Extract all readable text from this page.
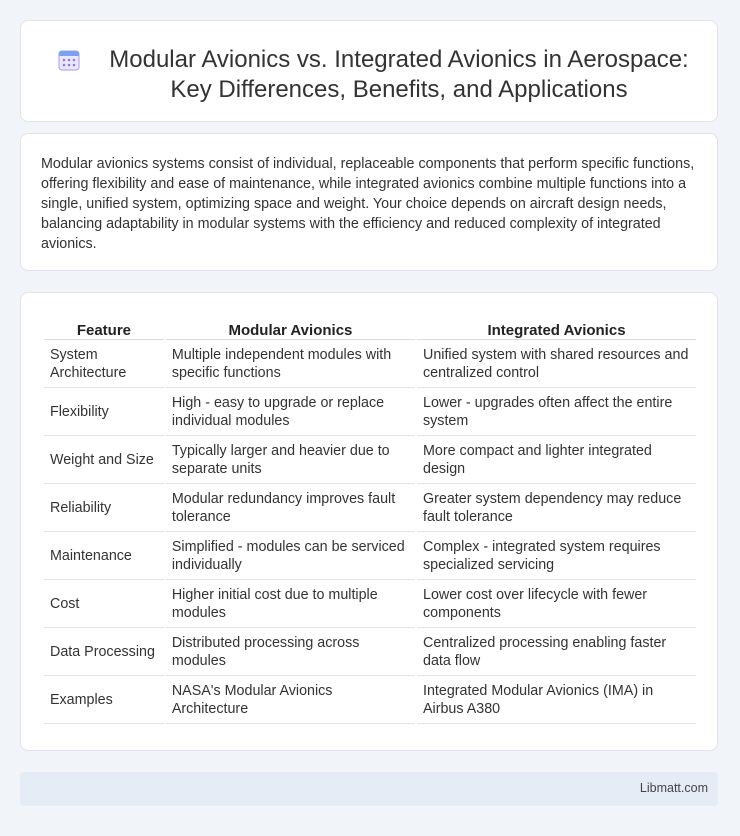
Modular Avionics vs. Integrated Avionics in Aerospace: Key Differences, Benefits, and Applications

Modular avionics systems consist of individual, replaceable components that perform specific functions, offering flexibility and ease of maintenance, while integrated avionics combine multiple functions into a single, unified system, optimizing space and weight. Your choice depends on aircraft design needs, balancing adaptability in modular systems with the efficiency and reduced complexity of integrated avionics.

Feature	Modular Avionics	Integrated Avionics
System Architecture	Multiple independent modules with specific functions	Unified system with shared resources and centralized control
Flexibility	High - easy to upgrade or replace individual modules	Lower - upgrades often affect the entire system
Weight and Size	Typically larger and heavier due to separate units	More compact and lighter integrated design
Reliability	Modular redundancy improves fault tolerance	Greater system dependency may reduce fault tolerance
Maintenance	Simplified - modules can be serviced individually	Complex - integrated system requires specialized servicing
Cost	Higher initial cost due to multiple modules	Lower cost over lifecycle with fewer components
Data Processing	Distributed processing across modules	Centralized processing enabling faster data flow
Examples	NASA's Modular Avionics Architecture	Integrated Modular Avionics (IMA) in Airbus A380
Libmatt.com
